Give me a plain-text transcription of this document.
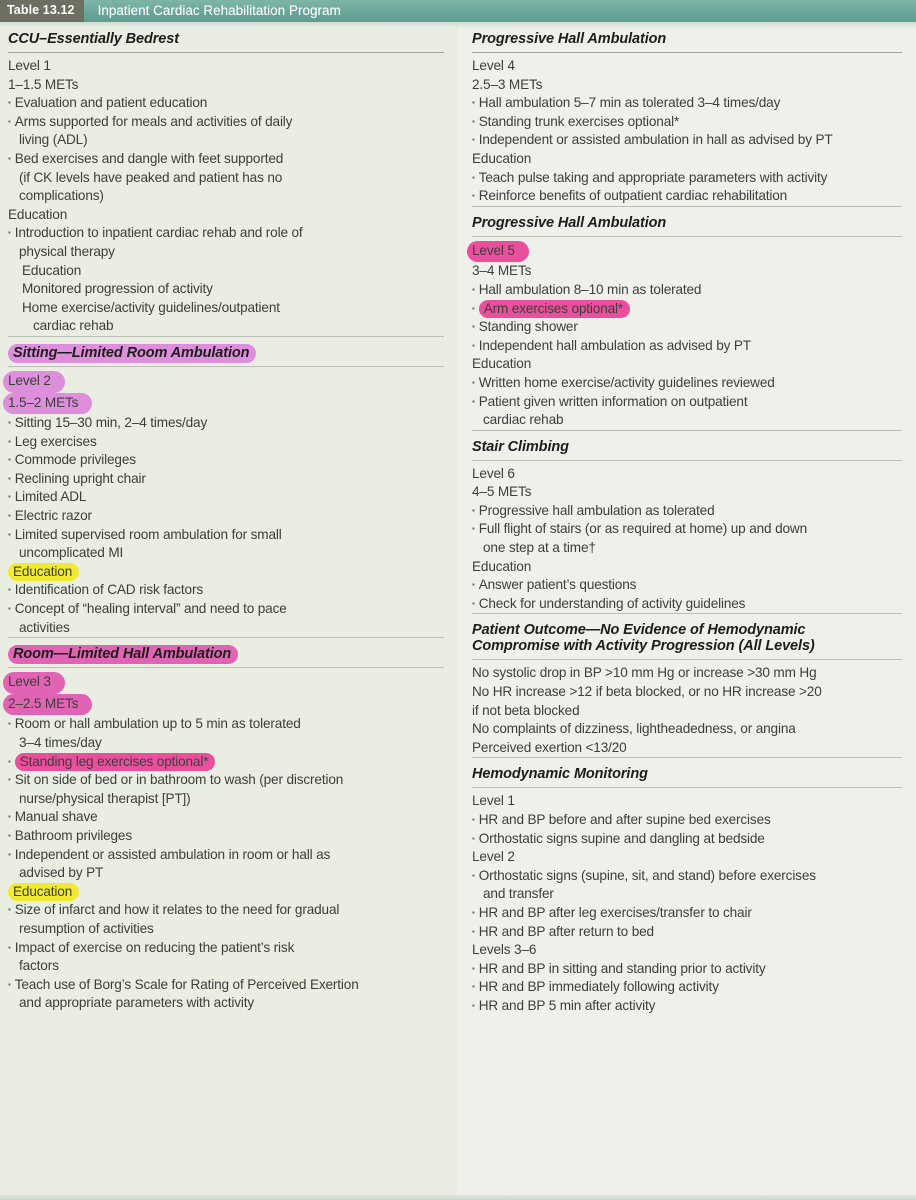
Table 13.12	Inpatient Cardiac Rehabilitation Program
CCU–Essentially Bedrest
Level 1
1–1.5 METs
▪ Evaluation and patient education
▪ Arms supported for meals and activities of daily
living (ADL)
▪ Bed exercises and dangle with feet supported
(if CK levels have peaked and patient has no
complications)
Education
▪ Introduction to inpatient cardiac rehab and role of
physical therapy
Education
Monitored progression of activity
Home exercise/activity guidelines/outpatient
cardiac rehab
Sitting—Limited Room Ambulation
Level 2
1.5–2 METs
▪ Sitting 15–30 min, 2–4 times/day
▪ Leg exercises
▪ Commode privileges
▪ Reclining upright chair
▪ Limited ADL
▪ Electric razor
▪ Limited supervised room ambulation for small
uncomplicated MI
Education
▪ Identification of CAD risk factors
▪ Concept of “healing interval” and need to pace
activities
Room—Limited Hall Ambulation
Level 3
2–2.5 METs
▪ Room or hall ambulation up to 5 min as tolerated
3–4 times/day
▪ Standing leg exercises optional*
▪ Sit on side of bed or in bathroom to wash (per discretion
nurse/physical therapist [PT])
▪ Manual shave
▪ Bathroom privileges
▪ Independent or assisted ambulation in room or hall as
advised by PT
Education
▪ Size of infarct and how it relates to the need for gradual
resumption of activities
▪ Impact of exercise on reducing the patient’s risk
factors
▪ Teach use of Borg’s Scale for Rating of Perceived Exertion
and appropriate parameters with activity
Progressive Hall Ambulation
Level 4
2.5–3 METs
▪ Hall ambulation 5–7 min as tolerated 3–4 times/day
▪ Standing trunk exercises optional*
▪ Independent or assisted ambulation in hall as advised by PT
Education
▪ Teach pulse taking and appropriate parameters with activity
▪ Reinforce benefits of outpatient cardiac rehabilitation
Progressive Hall Ambulation
Level 5
3–4 METs
▪ Hall ambulation 8–10 min as tolerated
▪ Arm exercises optional*
▪ Standing shower
▪ Independent hall ambulation as advised by PT
Education
▪ Written home exercise/activity guidelines reviewed
▪ Patient given written information on outpatient
cardiac rehab
Stair Climbing
Level 6
4–5 METs
▪ Progressive hall ambulation as tolerated
▪ Full flight of stairs (or as required at home) up and down
one step at a time†
Education
▪ Answer patient’s questions
▪ Check for understanding of activity guidelines
Patient Outcome—No Evidence of Hemodynamic
Compromise with Activity Progression (All Levels)
No systolic drop in BP >10 mm Hg or increase >30 mm Hg
No HR increase >12 if beta blocked, or no HR increase >20
if not beta blocked
No complaints of dizziness, lightheadedness, or angina
Perceived exertion <13/20
Hemodynamic Monitoring
Level 1
▪ HR and BP before and after supine bed exercises
▪ Orthostatic signs supine and dangling at bedside
Level 2
▪ Orthostatic signs (supine, sit, and stand) before exercises
and transfer
▪ HR and BP after leg exercises/transfer to chair
▪ HR and BP after return to bed
Levels 3–6
▪ HR and BP in sitting and standing prior to activity
▪ HR and BP immediately following activity
▪ HR and BP 5 min after activity
